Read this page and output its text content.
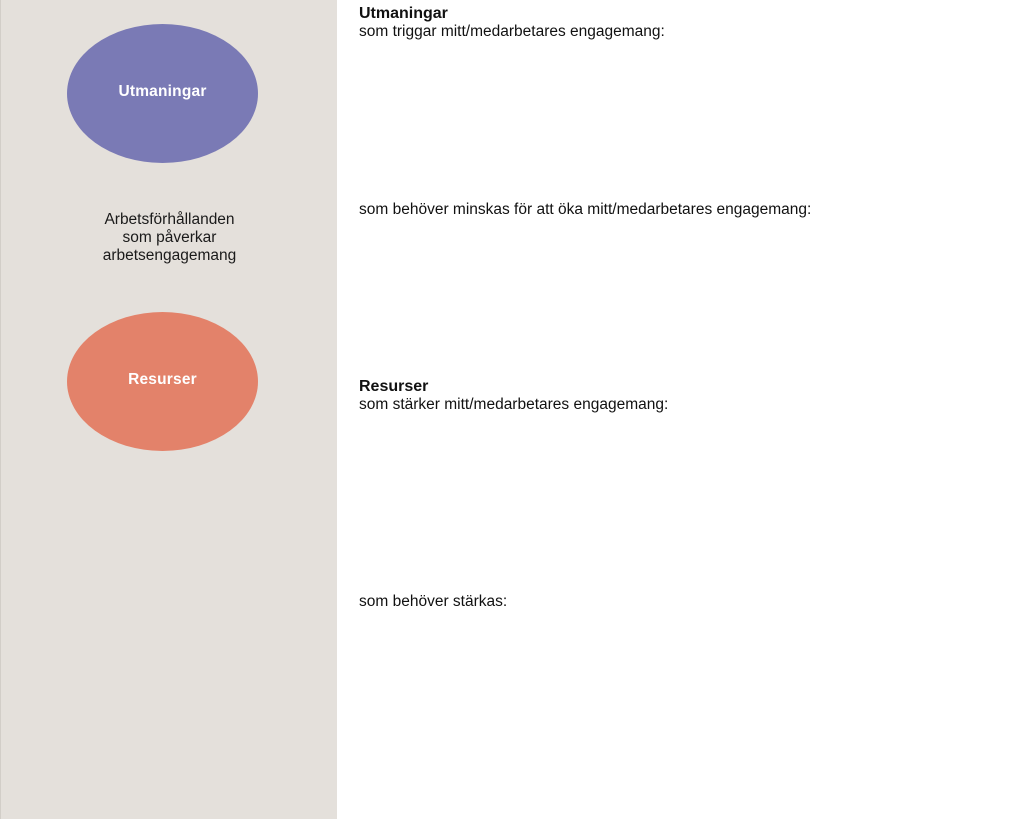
Utmaningar
Arbetsförhållanden
som påverkar
arbetsengagemang
Resurser
Utmaningar
som triggar mitt/medarbetares engagemang:
som behöver minskas för att öka mitt/medarbetares engagemang:
Resurser
som stärker mitt/medarbetares engagemang:
som behöver stärkas:
